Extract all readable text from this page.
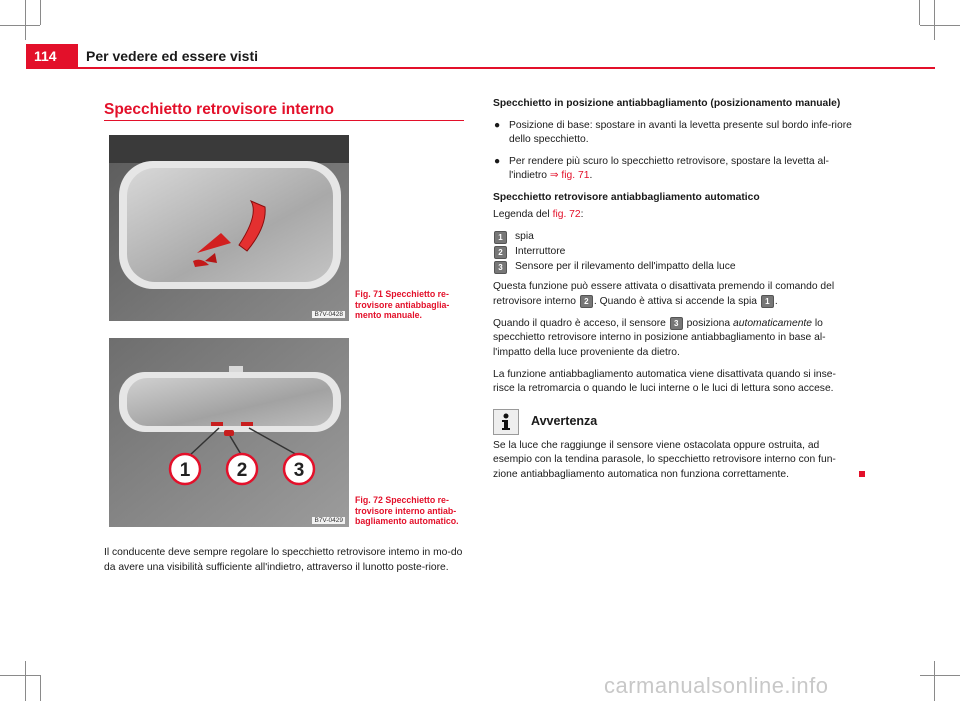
114 Per vedere ed essere visti
Specchietto retrovisore interno
B7V-0428
Fig. 71 Specchietto re-trovisore antiabbaglia-mento manuale.
1 2 3
B7V-0429
Fig. 72 Specchietto re-trovisore interno antiab-bagliamento automatico.
Il conducente deve sempre regolare lo specchietto retrovisore intemo in mo-do da avere una visibilità sufficiente all'indietro, attraverso il lunotto poste-riore.
Specchietto in posizione antiabbagliamento (posizionamento manuale)
● Posizione di base: spostare in avanti la levetta presente sul bordo infe-riore dello specchietto.
● Per rendere più scuro lo specchietto retrovisore, spostare la levetta al-l'indietro ⇒ fig. 71.
Specchietto retrovisore antiabbagliamento automatico
Legenda del fig. 72:
1	spia
2	Interruttore
3	Sensore per il rilevamento dell'impatto della luce
Questa funzione può essere attivata o disattivata premendo il comando del retrovisore interno 2 . Quando è attiva si accende la spia 1 .
Quando il quadro è acceso, il sensore 3 posiziona automaticamente lo specchietto retrovisore interno in posizione antiabbagliamento in base al-l'impatto della luce proveniente da dietro.
La funzione antiabbagliamento automatica viene disattivata quando si inse-risce la retromarcia o quando le luci interne o le luci di lettura sono accese.
Avvertenza
Se la luce che raggiunge il sensore viene ostacolata oppure ostruita, ad esempio con la tendina parasole, lo specchietto retrovisore interno con fun-zione antiabbagliamento automatica non funziona correttamente.
carmanualsonline.info
